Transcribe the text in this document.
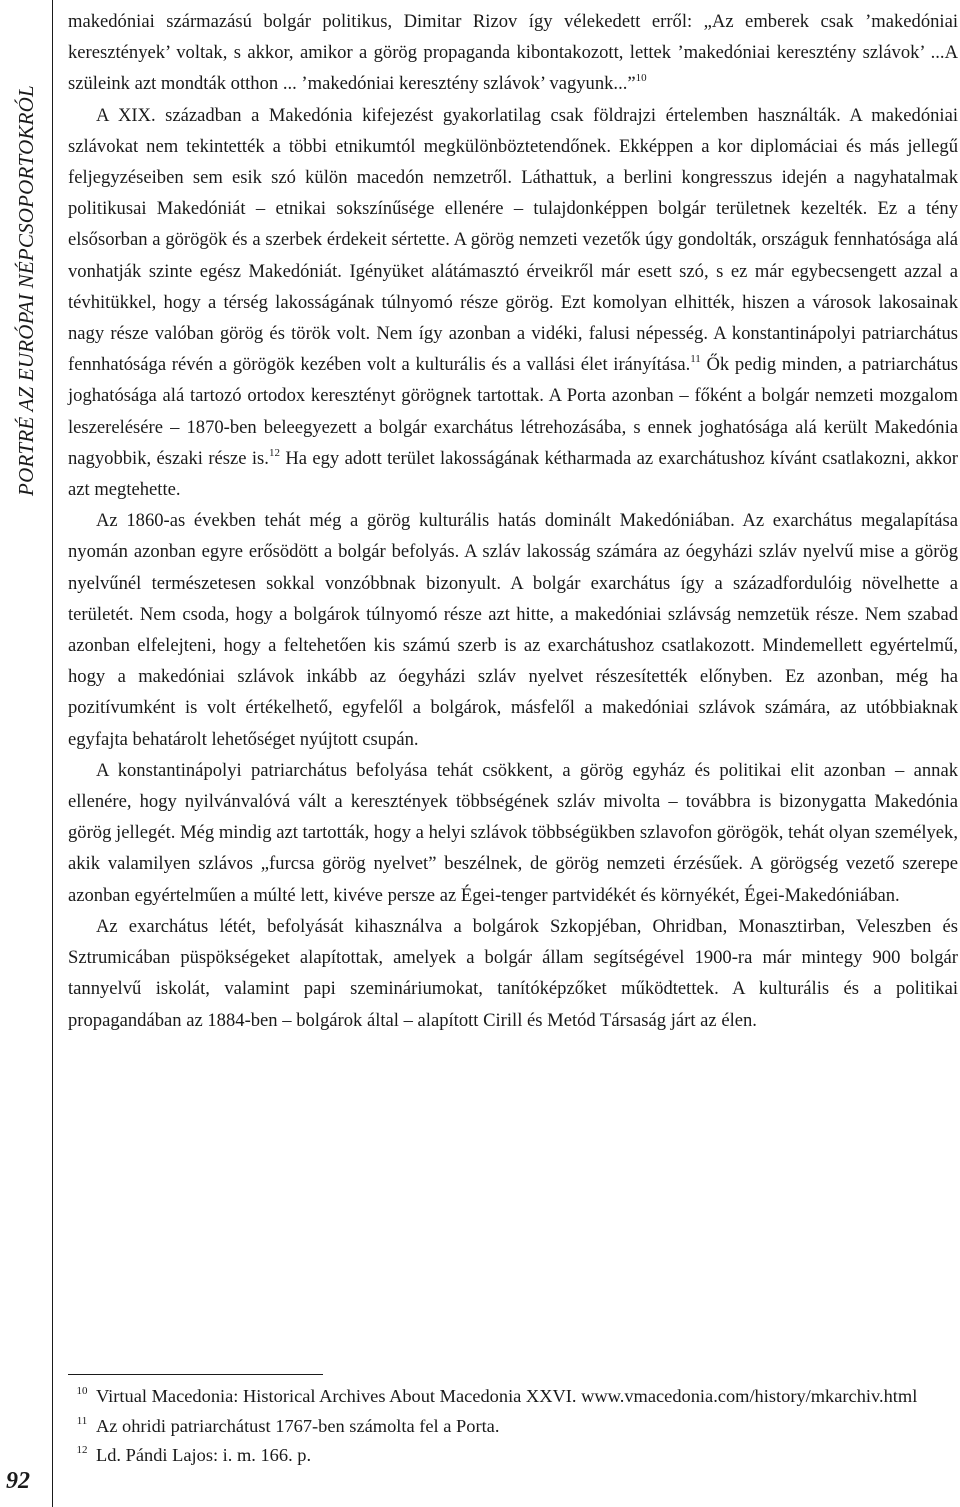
PORTRÉ AZ EURÓPAI NÉPCSOPORTOKRÓL
92

makedóniai származású bolgár politikus, Dimitar Rizov így vélekedett erről: „Az emberek csak ’makedóniai keresztények’ voltak, s akkor, amikor a görög propaganda kibontakozott, lettek ’makedóniai keresztény szlávok’ ...A szüleink azt mondták otthon ... ’makedóniai keresztény szlávok’ vagyunk...”$^{10}$

A XIX. században a Makedónia kifejezést gyakorlatilag csak földrajzi értelemben használták. A makedóniai szlávokat nem tekintették a többi etnikumtól megkülönböztetendőnek. Ekképpen a kor diplomáciai és más jellegű feljegyzéseiben sem esik szó külön macedón nemzetről. Láthattuk, a berlini kongresszus idején a nagyhatalmak politikusai Makedóniát – etnikai sokszínűsége ellenére – tulajdonképpen bolgár területnek kezelték. Ez a tény elsősorban a görögök és a szerbek érdekeit sértette. A görög nemzeti vezetők úgy gondolták, országuk fennhatósága alá vonhatják szinte egész Makedóniát. Igényüket alátámasztó érveikről már esett szó, s ez már egybecsengett azzal a tévhitükkel, hogy a térség lakosságának túlnyomó része görög. Ezt komolyan elhitték, hiszen a városok lakosainak nagy része valóban görög és török volt. Nem így azonban a vidéki, falusi népesség. A konstantinápolyi patriarchátus fennhatósága révén a görögök kezében volt a kulturális és a vallási élet irányítása.$^{11}$ Ők pedig minden, a patriarchátus joghatósága alá tartozó ortodox keresztényt görögnek tartottak. A Porta azonban – főként a bolgár nemzeti mozgalom leszerelésére – 1870-ben beleegyezett a bolgár exarchátus létrehozásába, s ennek joghatósága alá került Makedónia nagyobbik, északi része is.$^{12}$ Ha egy adott terület lakosságának kétharmada az exarchátushoz kívánt csatlakozni, akkor azt megtehette.

Az 1860-as években tehát még a görög kulturális hatás dominált Makedóniában. Az exarchátus megalapítása nyomán azonban egyre erősödött a bolgár befolyás. A szláv lakosság számára az óegyházi szláv nyelvű mise a görög nyelvűnél természetesen sokkal vonzóbbnak bizonyult. A bolgár exarchátus így a századfordulóig növelhette a területét. Nem csoda, hogy a bolgárok túlnyomó része azt hitte, a makedóniai szlávság nemzetük része. Nem szabad azonban elfelejteni, hogy a feltehetően kis számú szerb is az exarchátushoz csatlakozott. Mindemellett egyértelmű, hogy a makedóniai szlávok inkább az óegyházi szláv nyelvet részesítették előnyben. Ez azonban, még ha pozitívumként is volt értékelhető, egyfelől a bolgárok, másfelől a makedóniai szlávok számára, az utóbbiaknak egyfajta behatárolt lehetőséget nyújtott csupán.

A konstantinápolyi patriarchátus befolyása tehát csökkent, a görög egyház és politikai elit azonban – annak ellenére, hogy nyilvánvalóvá vált a keresztények többségének szláv mivolta – továbbra is bizonygatta Makedónia görög jellegét. Még mindig azt tartották, hogy a helyi szlávok többségükben szlavofon görögök, tehát olyan személyek, akik valamilyen szlávos „furcsa görög nyelvet” beszélnek, de görög nemzeti érzésűek. A görögség vezető szerepe azonban egyértelműen a múlté lett, kivéve persze az Égei-tenger partvidékét és környékét, Égei-Makedóniában.

Az exarchátus létét, befolyását kihasználva a bolgárok Szkopjéban, Ohridban, Monasztirban, Veleszben és Sztrumicában püspökségeket alapítottak, amelyek a bolgár állam segítségével 1900-ra már mintegy 900 bolgár tannyelvű iskolát, valamint papi szemináriumokat, tanítóképzőket működtettek. A kulturális és a politikai propagandában az 1884-ben – bolgárok által – alapított Cirill és Metód Társaság járt az élen.

10 Virtual Macedonia: Historical Archives About Macedonia XXVI. www.vmacedonia.com/history/mkarchiv.html

11 Az ohridi patriarchátust 1767-ben számolta fel a Porta.

12 Ld. Pándi Lajos: i. m. 166. p.
